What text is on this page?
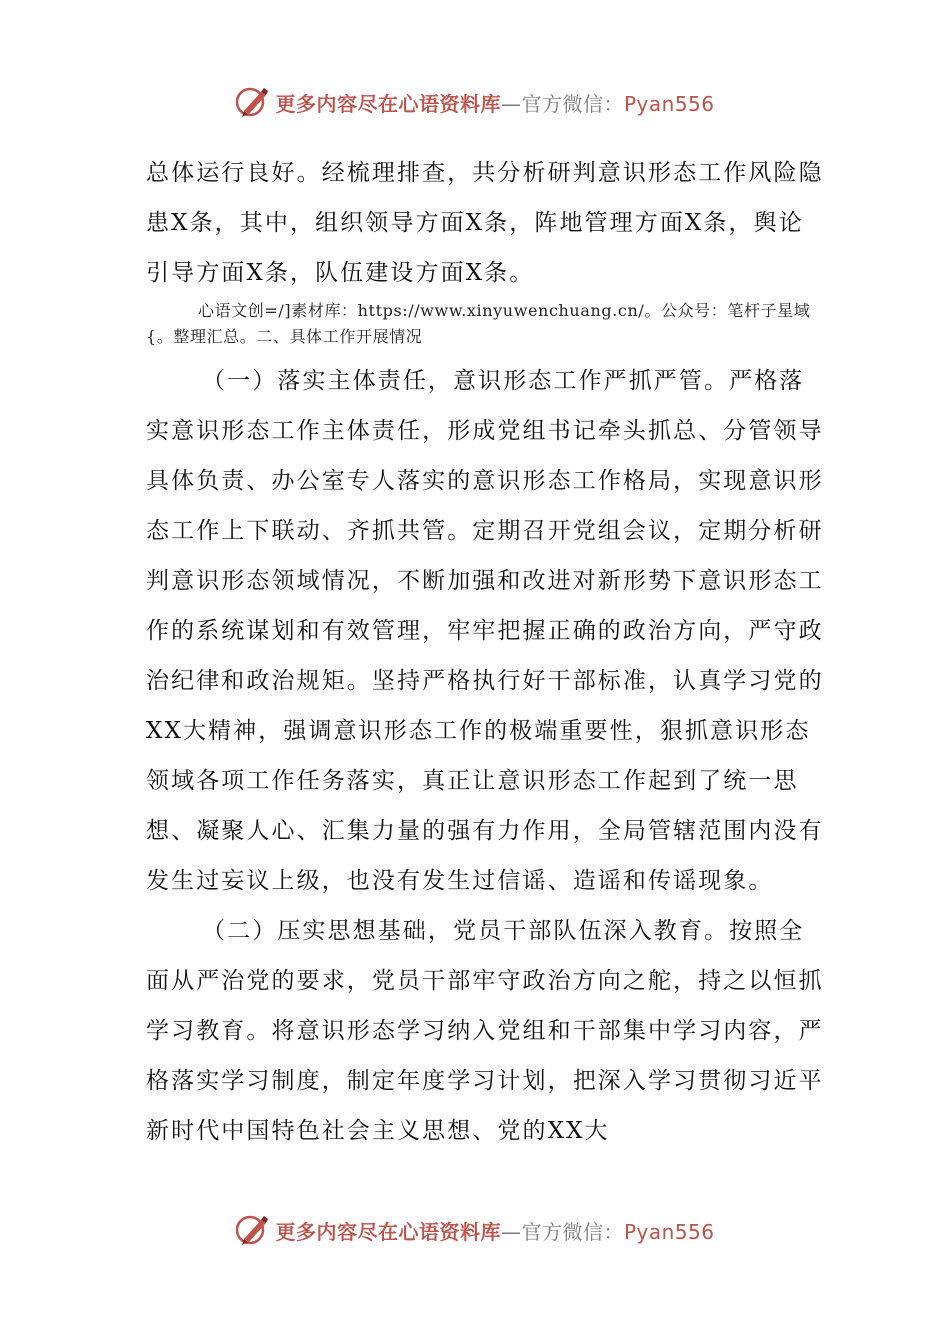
更多内容尽在心语资料库—官方微信：Pyan556

总体运行良好。经梳理排查，共分析研判意识形态工作风险隐患X条，其中，组织领导方面X条，阵地管理方面X条，舆论引导方面X条，队伍建设方面X条。

心语文创=/]素材库：https://www.xinyuwenchuang.cn/。公众号：笔杆子星域{。整理汇总。二、具体工作开展情况

（一）落实主体责任，意识形态工作严抓严管。严格落实意识形态工作主体责任，形成党组书记牵头抓总、分管领导具体负责、办公室专人落实的意识形态工作格局，实现意识形态工作上下联动、齐抓共管。定期召开党组会议，定期分析研判意识形态领域情况，不断加强和改进对新形势下意识形态工作的系统谋划和有效管理，牢牢把握正确的政治方向，严守政治纪律和政治规矩。坚持严格执行好干部标准，认真学习党的XX大精神，强调意识形态工作的极端重要性，狠抓意识形态领域各项工作任务落实，真正让意识形态工作起到了统一思想、凝聚人心、汇集力量的强有力作用，全局管辖范围内没有发生过妄议上级，也没有发生过信谣、造谣和传谣现象。

（二）压实思想基础，党员干部队伍深入教育。按照全面从严治党的要求，党员干部牢守政治方向之舵，持之以恒抓学习教育。将意识形态学习纳入党组和干部集中学习内容，严格落实学习制度，制定年度学习计划，把深入学习贯彻习近平新时代中国特色社会主义思想、党的XX大

更多内容尽在心语资料库—官方微信：Pyan556
